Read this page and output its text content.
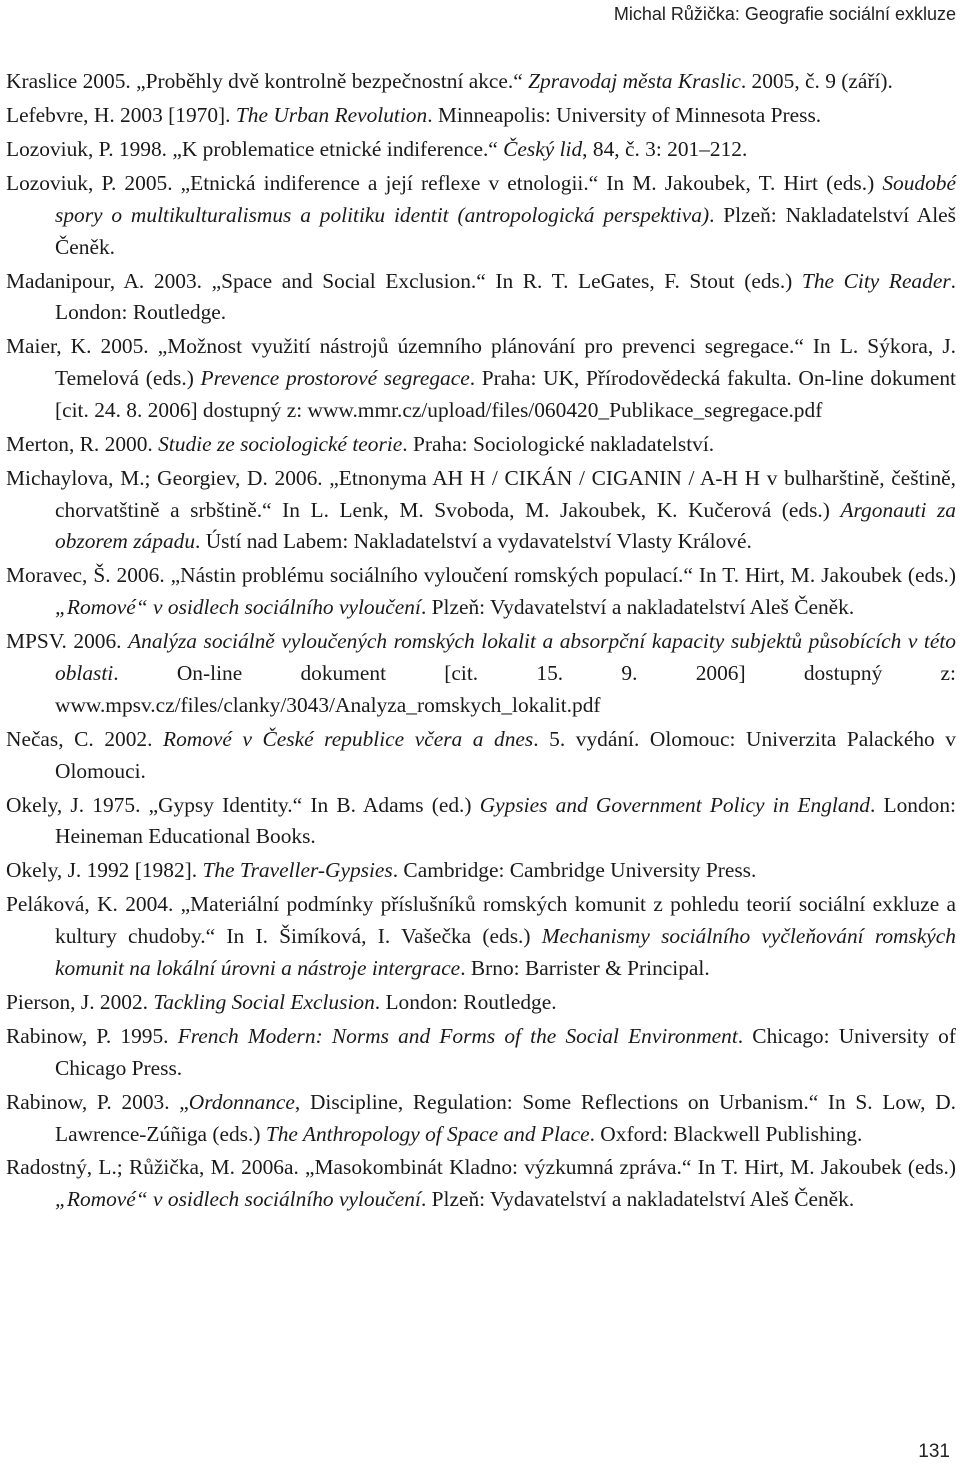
Michal Růžička: Geografie sociální exkluze

Kraslice 2005. „Proběhly dvě kontrolně bezpečnostní akce.“ Zpravodaj města Kraslic. 2005, č. 9 (září).

Lefebvre, H. 2003 [1970]. The Urban Revolution. Minneapolis: University of Minnesota Press.

Lozoviuk, P. 1998. „K problematice etnické indiference.“ Český lid, 84, č. 3: 201–212.

Lozoviuk, P. 2005. „Etnická indiference a její reflexe v etnologii.“ In M. Jakoubek, T. Hirt (eds.) Soudobé spory o multikulturalismus a politiku identit (antropologická perspektiva). Plzeň: Nakladatelství Aleš Čeněk.

Madanipour, A. 2003. „Space and Social Exclusion.“ In R. T. LeGates, F. Stout (eds.) The City Reader. London: Routledge.

Maier, K. 2005. „Možnost využití nástrojů územního plánování pro prevenci segregace.“ In L. Sýkora, J. Temelová (eds.) Prevence prostorové segregace. Praha: UK, Přírodovědecká fakulta. On-line dokument [cit. 24. 8. 2006] dostupný z: www.mmr.cz/upload/files/060420_Publikace_segregace.pdf

Merton, R. 2000. Studie ze sociologické teorie. Praha: Sociologické nakladatelství.

Michaylova, M.; Georgiev, D. 2006. „Etnonyma AH H / CIKÁN / CIGANIN / A-H H v bulharštině, češtině, chorvatštině a srbštině.“ In L. Lenk, M. Svoboda, M. Jakoubek, K. Kučerová (eds.) Argonauti za obzorem západu. Ústí nad Labem: Nakladatelství a vydavatelství Vlasty Králové.

Moravec, Š. 2006. „Nástin problému sociálního vyloučení romských populací.“ In T. Hirt, M. Jakoubek (eds.) „Romové“ v osidlech sociálního vyloučení. Plzeň: Vydavatelství a nakladatelství Aleš Čeněk.

MPSV. 2006. Analýza sociálně vyloučených romských lokalit a absorpční kapacity subjektů působících v této oblasti. On-line dokument [cit. 15. 9. 2006] dostupný z: www.mpsv.cz/files/clanky/3043/Analyza_romskych_lokalit.pdf

Nečas, C. 2002. Romové v České republice včera a dnes. 5. vydání. Olomouc: Univerzita Palackého v Olomouci.

Okely, J. 1975. „Gypsy Identity.“ In B. Adams (ed.) Gypsies and Government Policy in England. London: Heineman Educational Books.

Okely, J. 1992 [1982]. The Traveller-Gypsies. Cambridge: Cambridge University Press.

Peláková, K. 2004. „Materiální podmínky příslušníků romských komunit z pohledu teorií sociální exkluze a kultury chudoby.“ In I. Šimíková, I. Vašečka (eds.) Mechanismy sociálního vyčleňování romských komunit na lokální úrovni a nástroje intergrace. Brno: Barrister & Principal.

Pierson, J. 2002. Tackling Social Exclusion. London: Routledge.

Rabinow, P. 1995. French Modern: Norms and Forms of the Social Environment. Chicago: University of Chicago Press.

Rabinow, P. 2003. „Ordonnance, Discipline, Regulation: Some Reflections on Urbanism.“ In S. Low, D. Lawrence-Zúñiga (eds.) The Anthropology of Space and Place. Oxford: Blackwell Publishing.

Radostný, L.; Růžička, M. 2006a. „Masokombinát Kladno: výzkumná zpráva.“ In T. Hirt, M. Jakoubek (eds.) „Romové“ v osidlech sociálního vyloučení. Plzeň: Vydavatelství a nakladatelství Aleš Čeněk.

131
